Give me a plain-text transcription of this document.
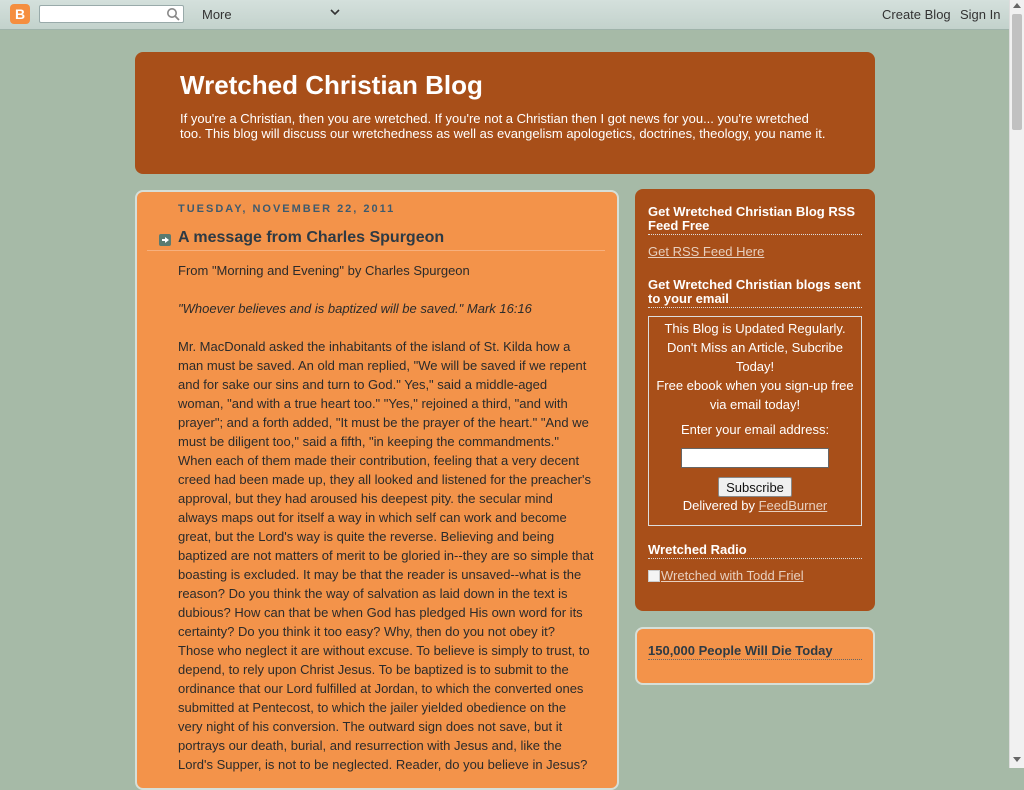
B	More	Create Blog Sign In
Wretched Christian Blog

If you're a Christian, then you are wretched. If you're not a Christian then I got news for you... you're wretched too. This blog will discuss our wretchedness as well as evangelism apologetics, doctrines, theology, you name it.

TUESDAY, NOVEMBER 22, 2011
A message from Charles Spurgeon

From "Morning and Evening" by Charles Spurgeon

"Whoever believes and is baptized will be saved." Mark 16:16

Mr. MacDonald asked the inhabitants of the island of St. Kilda how a man must be saved. An old man replied, "We will be saved if we repent and for sake our sins and turn to God." Yes," said a middle-aged woman, "and with a true heart too." "Yes," rejoined a third, "and with prayer"; and a forth added, "It must be the prayer of the heart." "And we must be diligent too," said a fifth, "in keeping the commandments." When each of them made their contribution, feeling that a very decent creed had been made up, they all looked and listened for the preacher's approval, but they had aroused his deepest pity. the secular mind always maps out for itself a way in which self can work and become great, but the Lord's way is quite the reverse. Believing and being baptized are not matters of merit to be gloried in--they are so simple that boasting is excluded. It may be that the reader is unsaved--what is the reason? Do you think the way of salvation as laid down in the text is dubious? How can that be when God has pledged His own word for its certainty? Do you think it too easy? Why, then do you not obey it? Those who neglect it are without excuse. To believe is simply to trust, to depend, to rely upon Christ Jesus. To be baptized is to submit to the ordinance that our Lord fulfilled at Jordan, to which the converted ones submitted at Pentecost, to which the jailer yielded obedience on the very night of his conversion. The outward sign does not save, but it portrays our death, burial, and resurrection with Jesus and, like the Lord's Supper, is not to be neglected. Reader, do you believe in Jesus?

Get Wretched Christian Blog RSS Feed Free
Get RSS Feed Here
Get Wretched Christian blogs sent to your email
This Blog is Updated Regularly. Don't Miss an Article, Subcribe Today!
Free ebook when you sign-up free via email today!
Enter your email address:
Subscribe
Delivered by FeedBurner
Wretched Radio
Wretched with Todd Friel
150,000 People Will Die Today
